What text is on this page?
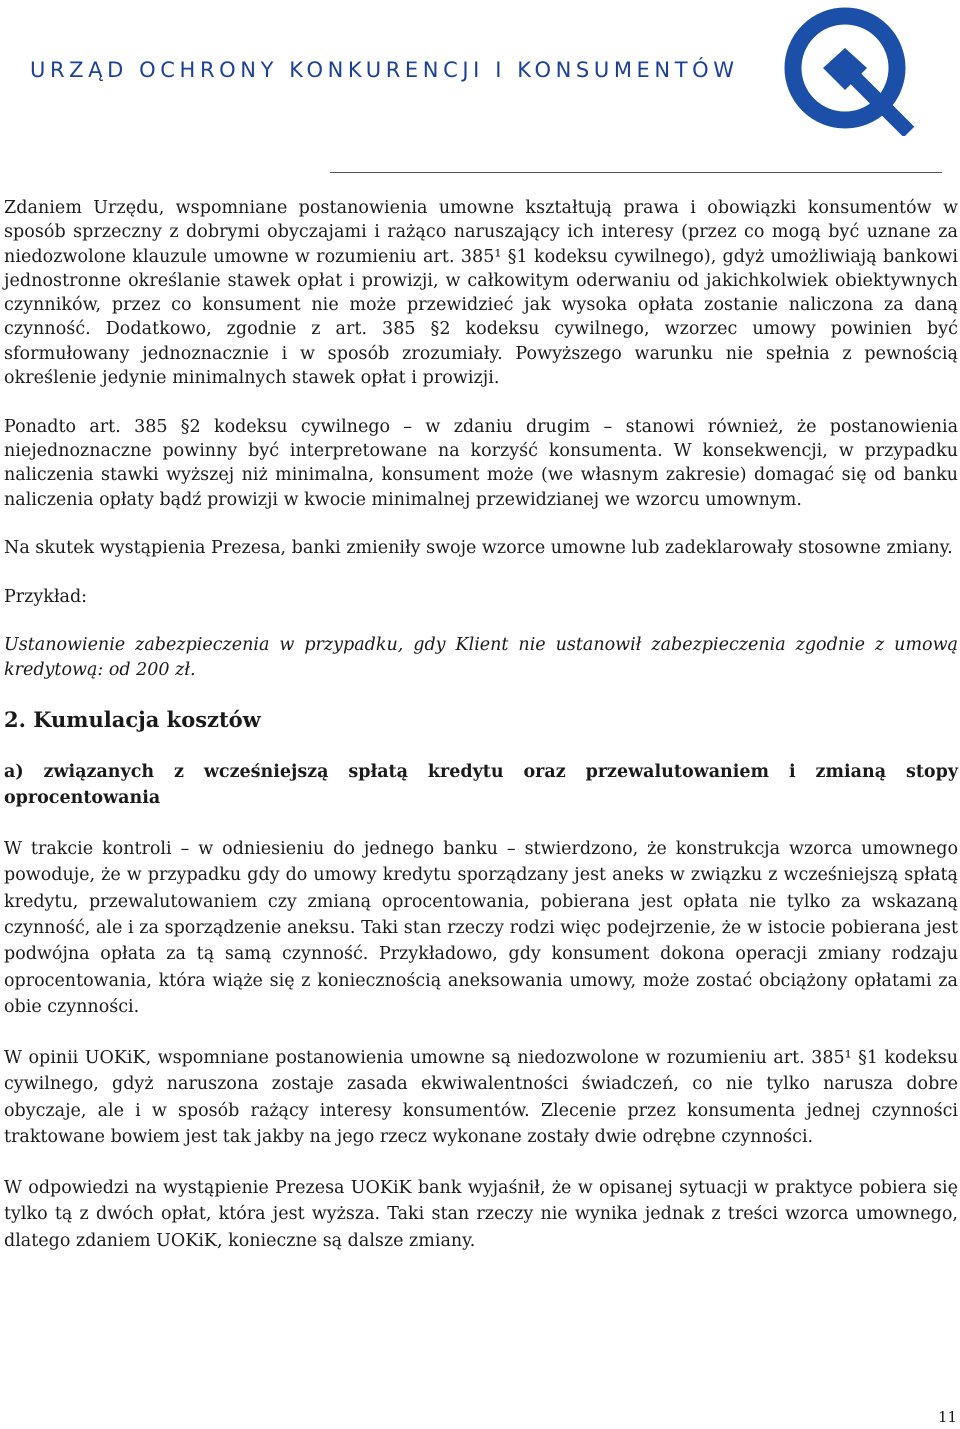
URZĄD OCHRONY KONKURENCJI I KONSUMENTÓW

Zdaniem Urzędu, wspomniane postanowienia umowne kształtują prawa i obowiązki konsumentów w sposób sprzeczny z dobrymi obyczajami i rażąco naruszający ich interesy (przez co mogą być uznane za niedozwolone klauzule umowne w rozumieniu art. 385¹ §1 kodeksu cywilnego), gdyż umożliwiają bankowi jednostronne określanie stawek opłat i prowizji, w całkowitym oderwaniu od jakichkolwiek obiektywnych czynników, przez co konsument nie może przewidzieć jak wysoka opłata zostanie naliczona za daną czynność. Dodatkowo, zgodnie z art. 385 §2 kodeksu cywilnego, wzorzec umowy powinien być sformułowany jednoznacznie i w sposób zrozumiały. Powyższego warunku nie spełnia z pewnością określenie jedynie minimalnych stawek opłat i prowizji.

Ponadto art. 385 §2 kodeksu cywilnego – w zdaniu drugim – stanowi również, że postanowienia niejednoznaczne powinny być interpretowane na korzyść konsumenta. W konsekwencji, w przypadku naliczenia stawki wyższej niż minimalna, konsument może (we własnym zakresie) domagać się od banku naliczenia opłaty bądź prowizji w kwocie minimalnej przewidzianej we wzorcu umownym.

Na skutek wystąpienia Prezesa, banki zmieniły swoje wzorce umowne lub zadeklarowały stosowne zmiany.

Przykład:

Ustanowienie zabezpieczenia w przypadku, gdy Klient nie ustanowił zabezpieczenia zgodnie z umową kredytową: od 200 zł.

2. Kumulacja kosztów
a) związanych z wcześniejszą spłatą kredytu oraz przewalutowaniem i zmianą stopy oprocentowania

W trakcie kontroli – w odniesieniu do jednego banku – stwierdzono, że konstrukcja wzorca umownego powoduje, że w przypadku gdy do umowy kredytu sporządzany jest aneks w związku z wcześniejszą spłatą kredytu, przewalutowaniem czy zmianą oprocentowania, pobierana jest opłata nie tylko za wskazaną czynność, ale i za sporządzenie aneksu. Taki stan rzeczy rodzi więc podejrzenie, że w istocie pobierana jest podwójna opłata za tą samą czynność. Przykładowo, gdy konsument dokona operacji zmiany rodzaju oprocentowania, która wiąże się z koniecznością aneksowania umowy, może zostać obciążony opłatami za obie czynności.

W opinii UOKiK, wspomniane postanowienia umowne są niedozwolone w rozumieniu art. 385¹ §1 kodeksu cywilnego, gdyż naruszona zostaje zasada ekwiwalentności świadczeń, co nie tylko narusza dobre obyczaje, ale i w sposób rażący interesy konsumentów. Zlecenie przez konsumenta jednej czynności traktowane bowiem jest tak jakby na jego rzecz wykonane zostały dwie odrębne czynności.

W odpowiedzi na wystąpienie Prezesa UOKiK bank wyjaśnił, że w opisanej sytuacji w praktyce pobiera się tylko tą z dwóch opłat, która jest wyższa. Taki stan rzeczy nie wynika jednak z treści wzorca umownego, dlatego zdaniem UOKiK, konieczne są dalsze zmiany.

11
